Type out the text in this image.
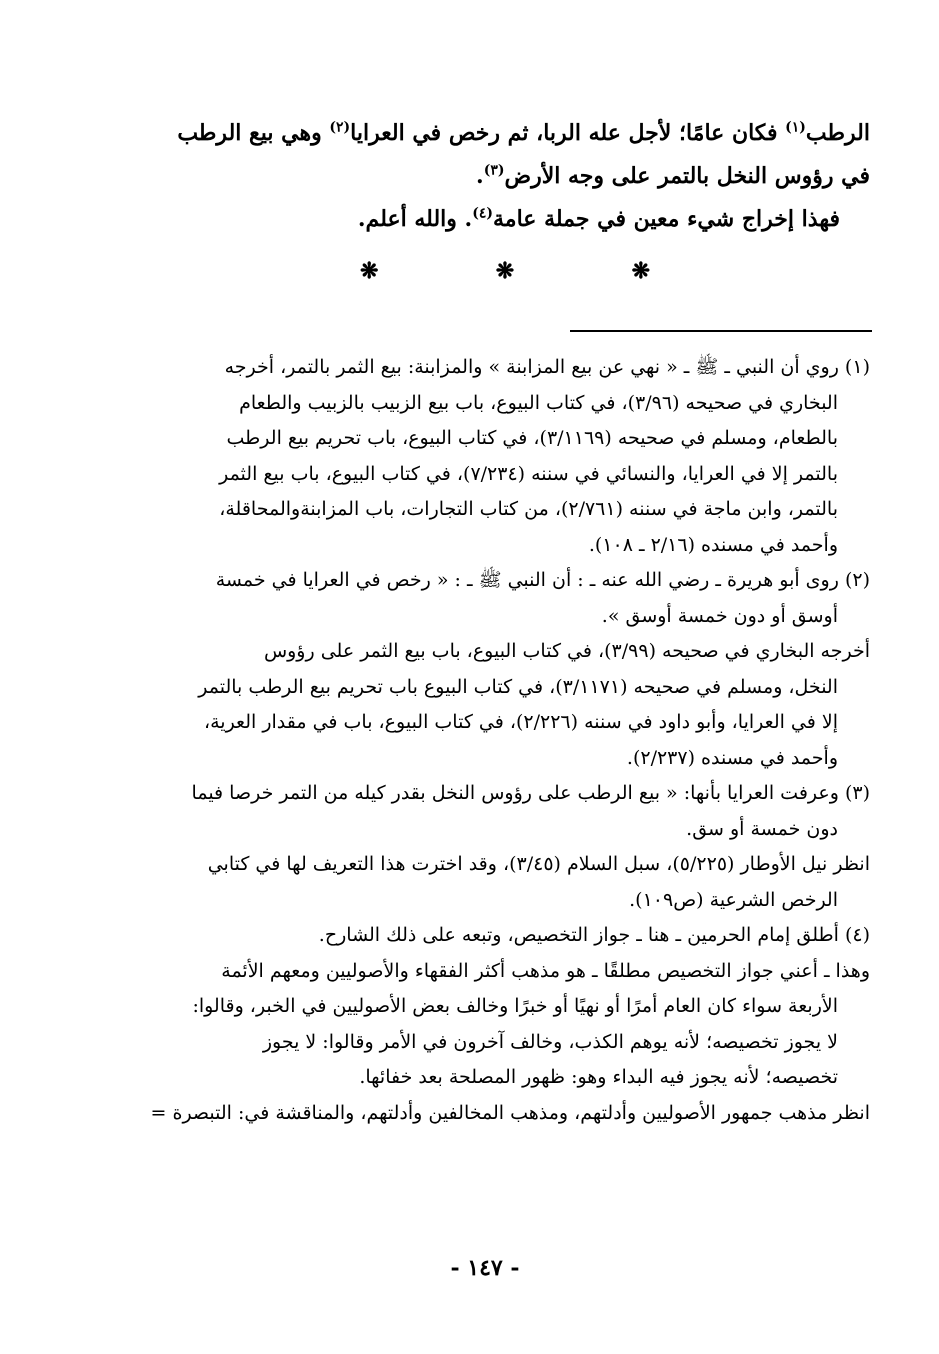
الرطب$^{(١)}$ فكان عامًا؛ لأجل عله الربا، ثم رخص في العرايا$^{(٢)}$ وهي بيع الرطب

في رؤوس النخل بالتمر على وجه الأرض$^{(٣)}$.

فهذا إخراج شيء معين في جملة عامة$^{(٤)}$. والله أعلم.

❋	❋	❋

(١) روي أن النبي ـ ﷺ ـ « نهي عن بيع المزابنة » والمزابنة: بيع الثمر بالتمر، أخرجه

البخاري في صحيحه (٣/٩٦)، في كتاب البيوع، باب بيع الزبيب بالزبيب والطعام

بالطعام، ومسلم في صحيحه (٣/١١٦٩)، في كتاب البيوع، باب تحريم بيع الرطب

بالتمر إلا في العرايا، والنسائي في سننه (٧/٢٣٤)، في كتاب البيوع، باب بيع الثمر

بالتمر، وابن ماجة في سننه (٢/٧٦١)، من كتاب التجارات، باب المزابنةوالمحاقلة،

وأحمد في مسنده (٢/١٦ ـ ١٠٨).

(٢) روى أبو هريرة ـ رضي الله عنه ـ : أن النبي ﷺ ـ : « رخص في العرايا في خمسة

أوسق أو دون خمسة أوسق ».

أخرجه البخاري في صحيحه (٣/٩٩)، في كتاب البيوع، باب بيع الثمر على رؤوس

النخل، ومسلم في صحيحه (٣/١١٧١)، في كتاب البيوع باب تحريم بيع الرطب بالتمر

إلا في العرايا، وأبو داود في سننه (٢/٢٢٦)، في كتاب البيوع، باب في مقدار العرية،

وأحمد في مسنده (٢/٢٣٧).

(٣) وعرفت العرايا بأنها: « بيع الرطب على رؤوس النخل بقدر كيله من التمر خرصا فيما

دون خمسة أو سق.

انظر نيل الأوطار (٥/٢٢٥)، سبل السلام (٣/٤٥)، وقد اخترت هذا التعريف لها في كتابي

الرخص الشرعية (ص١٠٩).

(٤) أطلق إمام الحرمين ـ هنا ـ جواز التخصيص، وتبعه على ذلك الشارح.

وهذا ـ أعني جواز التخصيص مطلقًا ـ هو مذهب أكثر الفقهاء والأصوليين ومعهم الأئمة

الأربعة سواء كان العام أمرًا أو نهيًا أو خبرًا وخالف بعض الأصوليين في الخبر، وقالوا:

لا يجوز تخصيصه؛ لأنه يوهم الكذب، وخالف آخرون في الأمر وقالوا: لا يجوز

تخصيصه؛ لأنه يجوز فيه البداء وهو: ظهور المصلحة بعد خفائها.

انظر مذهب جمهور الأصوليين وأدلتهم، ومذهب المخالفين وأدلتهم، والمناقشة في: التبصرة =

- ١٤٧ -
